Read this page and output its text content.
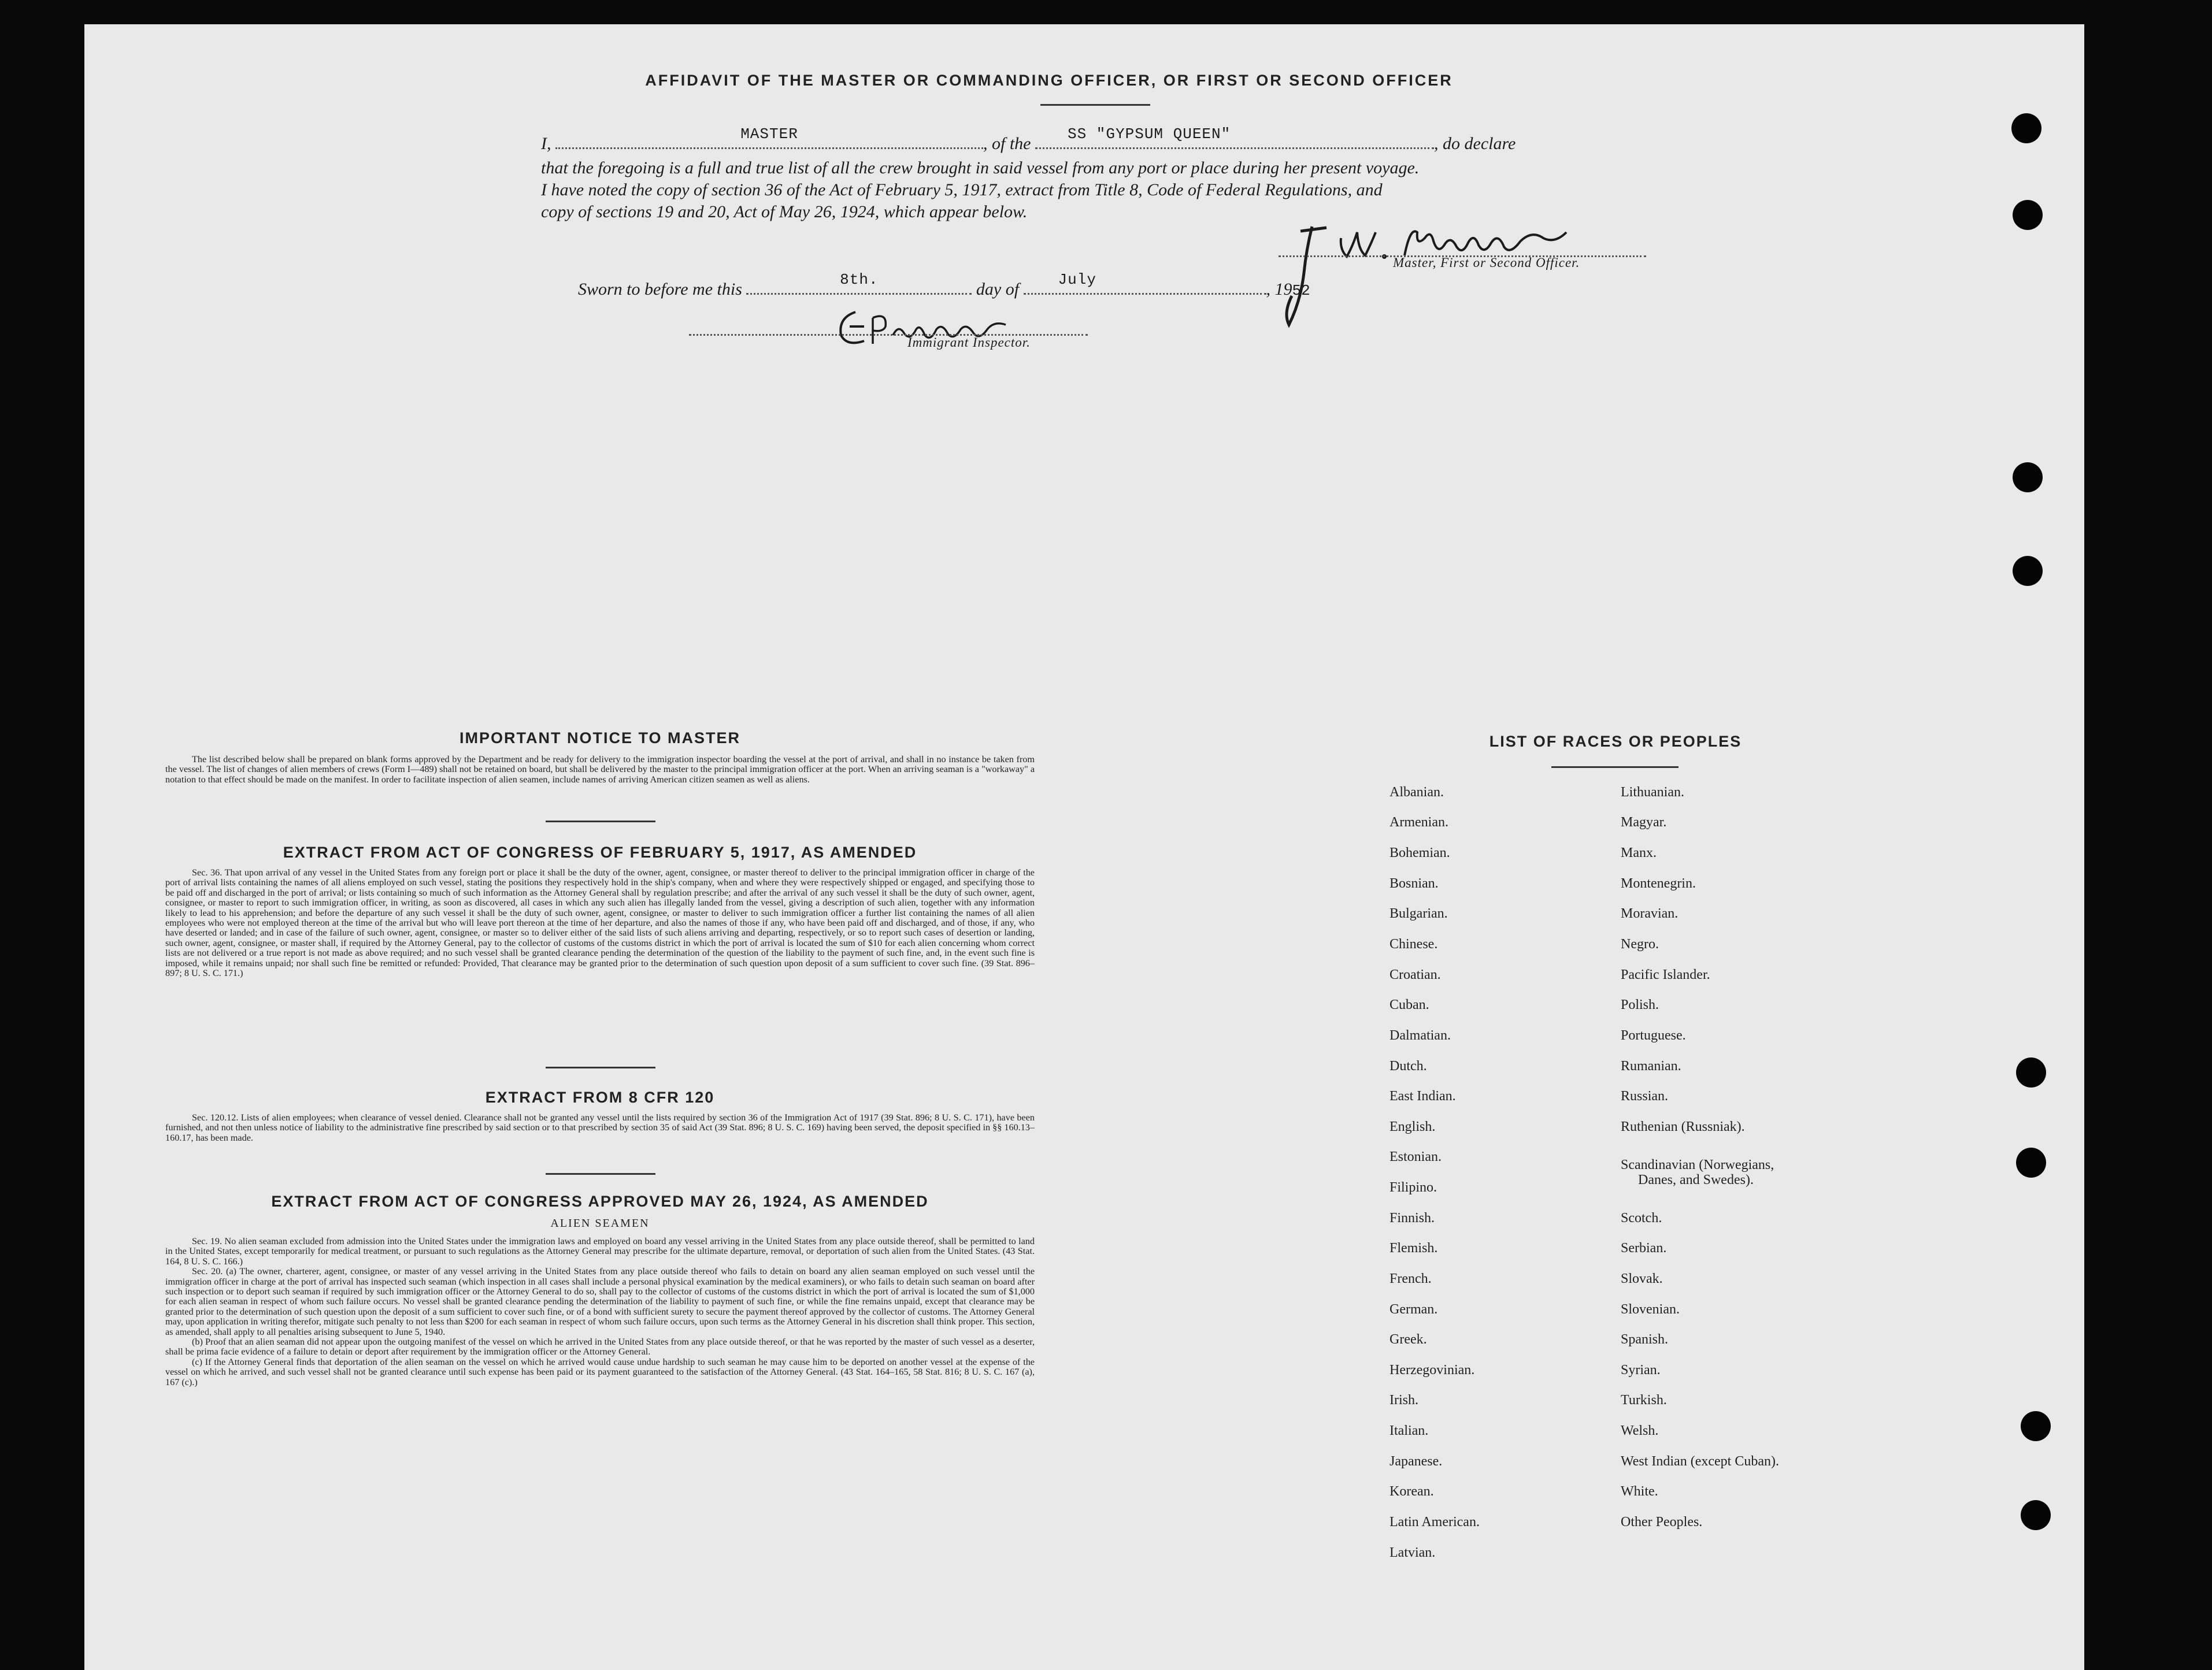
AFFIDAVIT OF THE MASTER OR COMMANDING OFFICER, OR FIRST OR SECOND OFFICER
I,	MASTER	, of the	SS "GYPSUM QUEEN"	, do declare
that the foregoing is a full and true list of all the crew brought in said vessel from any port or place during her present voyage.
I have noted the copy of section 36 of the Act of February 5, 1917, extract from Title 8, Code of Federal Regulations, and
copy of sections 19 and 20, Act of May 26, 1924, which appear below.
Master, First or Second Officer.
Sworn to before me this	8th.	day of	July	, 1952
Immigrant Inspector.
IMPORTANT NOTICE TO MASTER

The list described below shall be prepared on blank forms approved by the Department and be ready for delivery to the immigration inspector boarding the vessel at the port of arrival, and shall in no instance be taken from the vessel. The list of changes of alien members of crews (Form I—489) shall not be retained on board, but shall be delivered by the master to the principal immigration officer at the port. When an arriving seaman is a "workaway" a notation to that effect should be made on the manifest. In order to facilitate inspection of alien seamen, include names of arriving American citizen seamen as well as aliens.

EXTRACT FROM ACT OF CONGRESS OF FEBRUARY 5, 1917, AS AMENDED

Sec. 36. That upon arrival of any vessel in the United States from any foreign port or place it shall be the duty of the owner, agent, consignee, or master thereof to deliver to the principal immigration officer in charge of the port of arrival lists containing the names of all aliens employed on such vessel, stating the positions they respectively hold in the ship's company, when and where they were respectively shipped or engaged, and specifying those to be paid off and discharged in the port of arrival; or lists containing so much of such information as the Attorney General shall by regulation prescribe; and after the arrival of any such vessel it shall be the duty of such owner, agent, consignee, or master to report to such immigration officer, in writing, as soon as discovered, all cases in which any such alien has illegally landed from the vessel, giving a description of such alien, together with any information likely to lead to his apprehension; and before the departure of any such vessel it shall be the duty of such owner, agent, consignee, or master to deliver to such immigration officer a further list containing the names of all alien employees who were not employed thereon at the time of the arrival but who will leave port thereon at the time of her departure, and also the names of those if any, who have been paid off and discharged, and of those, if any, who have deserted or landed; and in case of the failure of such owner, agent, consignee, or master so to deliver either of the said lists of such aliens arriving and departing, respectively, or so to report such cases of desertion or landing, such owner, agent, consignee, or master shall, if required by the Attorney General, pay to the collector of customs of the customs district in which the port of arrival is located the sum of $10 for each alien concerning whom correct lists are not delivered or a true report is not made as above required; and no such vessel shall be granted clearance pending the determination of the question of the liability to the payment of such fine, and, in the event such fine is imposed, while it remains unpaid; nor shall such fine be remitted or refunded: Provided, That clearance may be granted prior to the determination of such question upon deposit of a sum sufficient to cover such fine. (39 Stat. 896–897; 8 U. S. C. 171.)

EXTRACT FROM 8 CFR 120

Sec. 120.12. Lists of alien employees; when clearance of vessel denied. Clearance shall not be granted any vessel until the lists required by section 36 of the Immigration Act of 1917 (39 Stat. 896; 8 U. S. C. 171), have been furnished, and not then unless notice of liability to the administrative fine prescribed by said section or to that prescribed by section 35 of said Act (39 Stat. 896; 8 U. S. C. 169) having been served, the deposit specified in §§ 160.13–160.17, has been made.

EXTRACT FROM ACT OF CONGRESS APPROVED MAY 26, 1924, AS AMENDED
ALIEN SEAMEN

Sec. 19. No alien seaman excluded from admission into the United States under the immigration laws and employed on board any vessel arriving in the United States from any place outside thereof, shall be permitted to land in the United States, except temporarily for medical treatment, or pursuant to such regulations as the Attorney General may prescribe for the ultimate departure, removal, or deportation of such alien from the United States. (43 Stat. 164, 8 U. S. C. 166.)

Sec. 20. (a) The owner, charterer, agent, consignee, or master of any vessel arriving in the United States from any place outside thereof who fails to detain on board any alien seaman employed on such vessel until the immigration officer in charge at the port of arrival has inspected such seaman (which inspection in all cases shall include a personal physical examination by the medical examiners), or who fails to detain such seaman on board after such inspection or to deport such seaman if required by such immigration officer or the Attorney General to do so, shall pay to the collector of customs of the customs district in which the port of arrival is located the sum of $1,000 for each alien seaman in respect of whom such failure occurs. No vessel shall be granted clearance pending the determination of the liability to payment of such fine, or while the fine remains unpaid, except that clearance may be granted prior to the determination of such question upon the deposit of a sum sufficient to cover such fine, or of a bond with sufficient surety to secure the payment thereof approved by the collector of customs. The Attorney General may, upon application in writing therefor, mitigate such penalty to not less than $200 for each seaman in respect of whom such failure occurs, upon such terms as the Attorney General in his discretion shall think proper. This section, as amended, shall apply to all penalties arising subsequent to June 5, 1940.

(b) Proof that an alien seaman did not appear upon the outgoing manifest of the vessel on which he arrived in the United States from any place outside thereof, or that he was reported by the master of such vessel as a deserter, shall be prima facie evidence of a failure to detain or deport after requirement by the immigration officer or the Attorney General.

(c) If the Attorney General finds that deportation of the alien seaman on the vessel on which he arrived would cause undue hardship to such seaman he may cause him to be deported on another vessel at the expense of the vessel on which he arrived, and such vessel shall not be granted clearance until such expense has been paid or its payment guaranteed to the satisfaction of the Attorney General. (43 Stat. 164–165, 58 Stat. 816; 8 U. S. C. 167 (a), 167 (c).)

LIST OF RACES OR PEOPLES
Albanian.
Armenian.
Bohemian.
Bosnian.
Bulgarian.
Chinese.
Croatian.
Cuban.
Dalmatian.
Dutch.
East Indian.
English.
Estonian.
Filipino.
Finnish.
Flemish.
French.
German.
Greek.
Herzegovinian.
Irish.
Italian.
Japanese.
Korean.
Latin American.
Latvian.
Lithuanian.
Magyar.
Manx.
Montenegrin.
Moravian.
Negro.
Pacific Islander.
Polish.
Portuguese.
Rumanian.
Russian.
Ruthenian (Russniak).
Scandinavian (Norwegians,
Danes, and Swedes).
Scotch.
Serbian.
Slovak.
Slovenian.
Spanish.
Syrian.
Turkish.
Welsh.
West Indian (except Cuban).
White.
Other Peoples.
